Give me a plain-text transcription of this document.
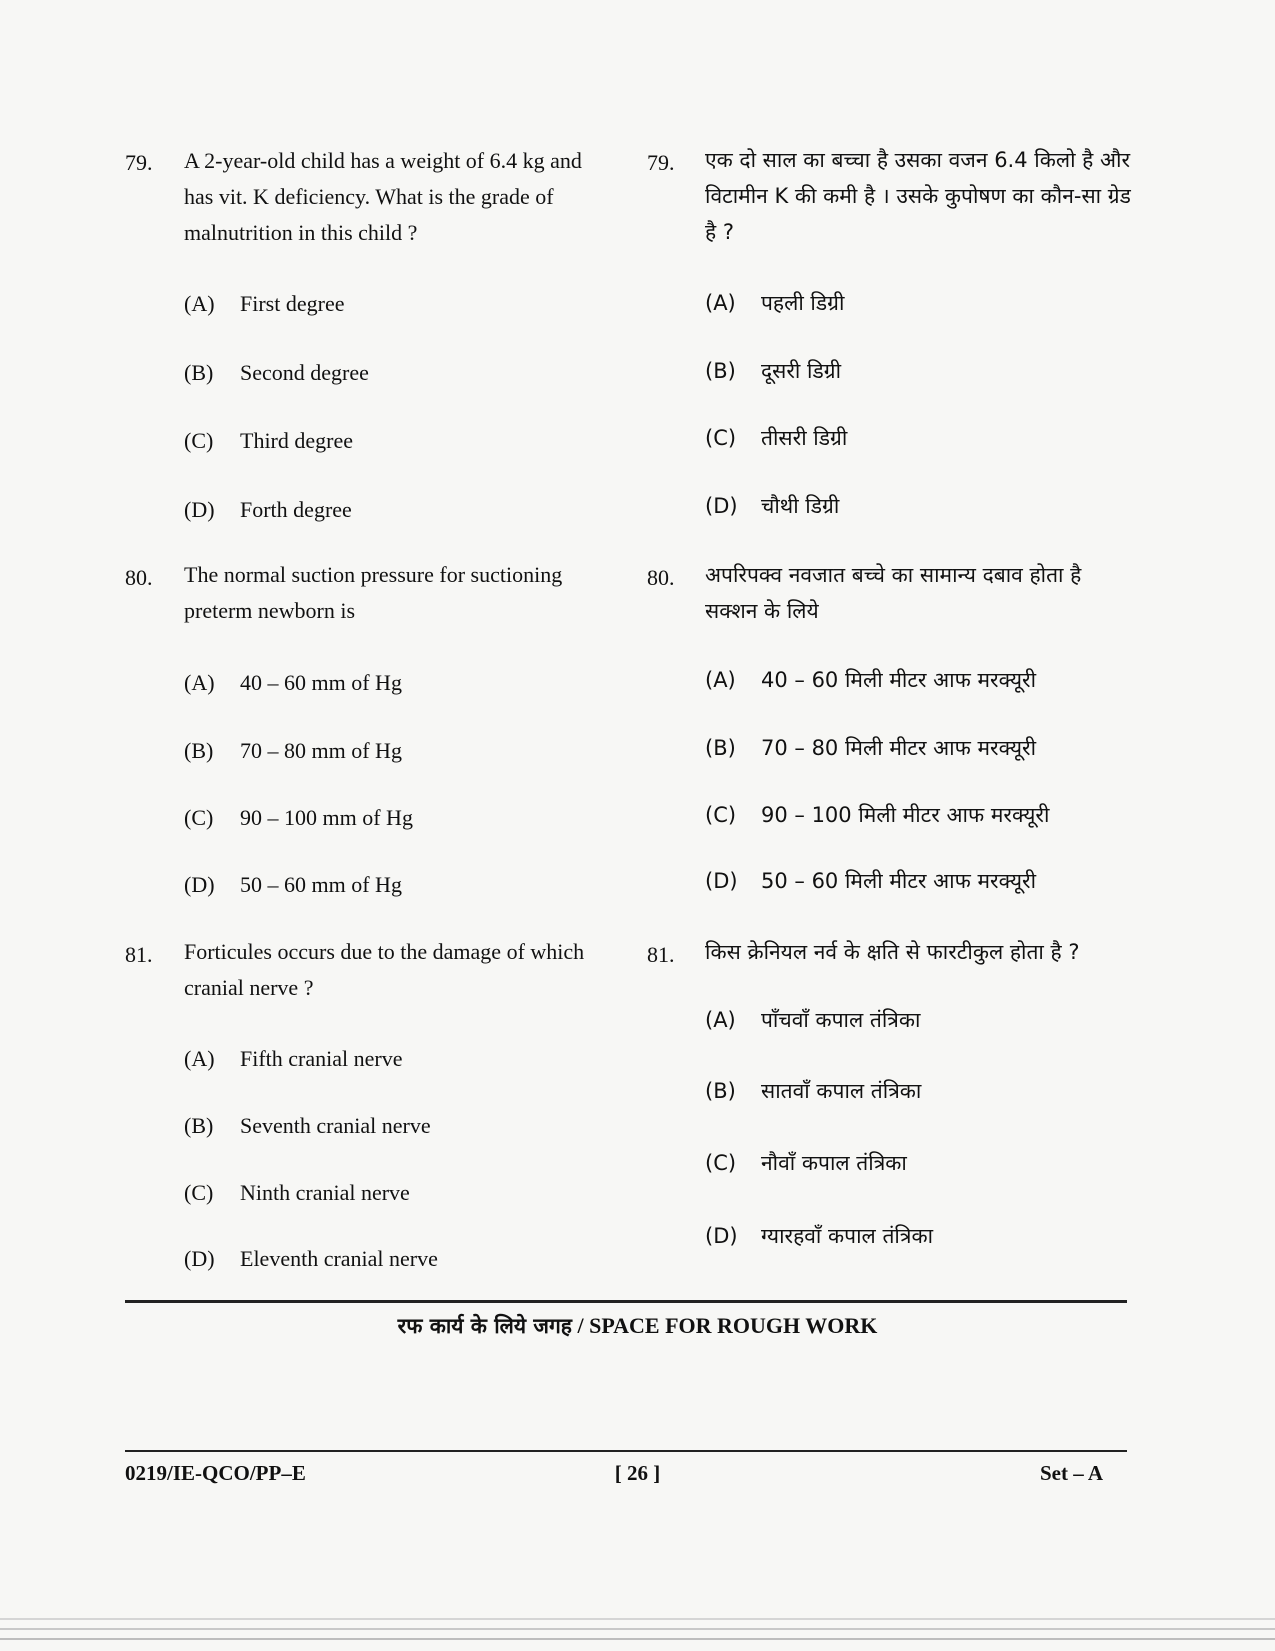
79. A 2-year-old child has a weight of 6.4 kg and has vit. K deficiency. What is the grade of malnutrition in this child ?
(A) First degree
(B) Second degree
(C) Third degree
(D) Forth degree
79. एक दो साल का बच्चा है उसका वजन 6.4 किलो है और विटामीन K की कमी है । उसके कुपोषण का कौन-सा ग्रेड है ?
(A) पहली डिग्री
(B) दूसरी डिग्री
(C) तीसरी डिग्री
(D) चौथी डिग्री
80. The normal suction pressure for suctioning preterm newborn is
(A) 40 – 60 mm of Hg
(B) 70 – 80 mm of Hg
(C) 90 – 100 mm of Hg
(D) 50 – 60 mm of Hg
80. अपरिपक्व नवजात बच्चे का सामान्य दबाव होता है सक्शन के लिये
(A) 40 – 60 मिली मीटर आफ मरक्यूरी
(B) 70 – 80 मिली मीटर आफ मरक्यूरी
(C) 90 – 100 मिली मीटर आफ मरक्यूरी
(D) 50 – 60 मिली मीटर आफ मरक्यूरी
81. Forticules occurs due to the damage of which cranial nerve ?
(A) Fifth cranial nerve
(B) Seventh cranial nerve
(C) Ninth cranial nerve
(D) Eleventh cranial nerve
81. किस क्रेनियल नर्व के क्षति से फारटीकुल होता है ?
(A) पाँचवाँ कपाल तंत्रिका
(B) सातवाँ कपाल तंत्रिका
(C) नौवाँ कपाल तंत्रिका
(D) ग्यारहवाँ कपाल तंत्रिका
रफ कार्य के लिये जगह / SPACE FOR ROUGH WORK
0219/IE-QCO/PP–E	[ 26 ]	Set – A
